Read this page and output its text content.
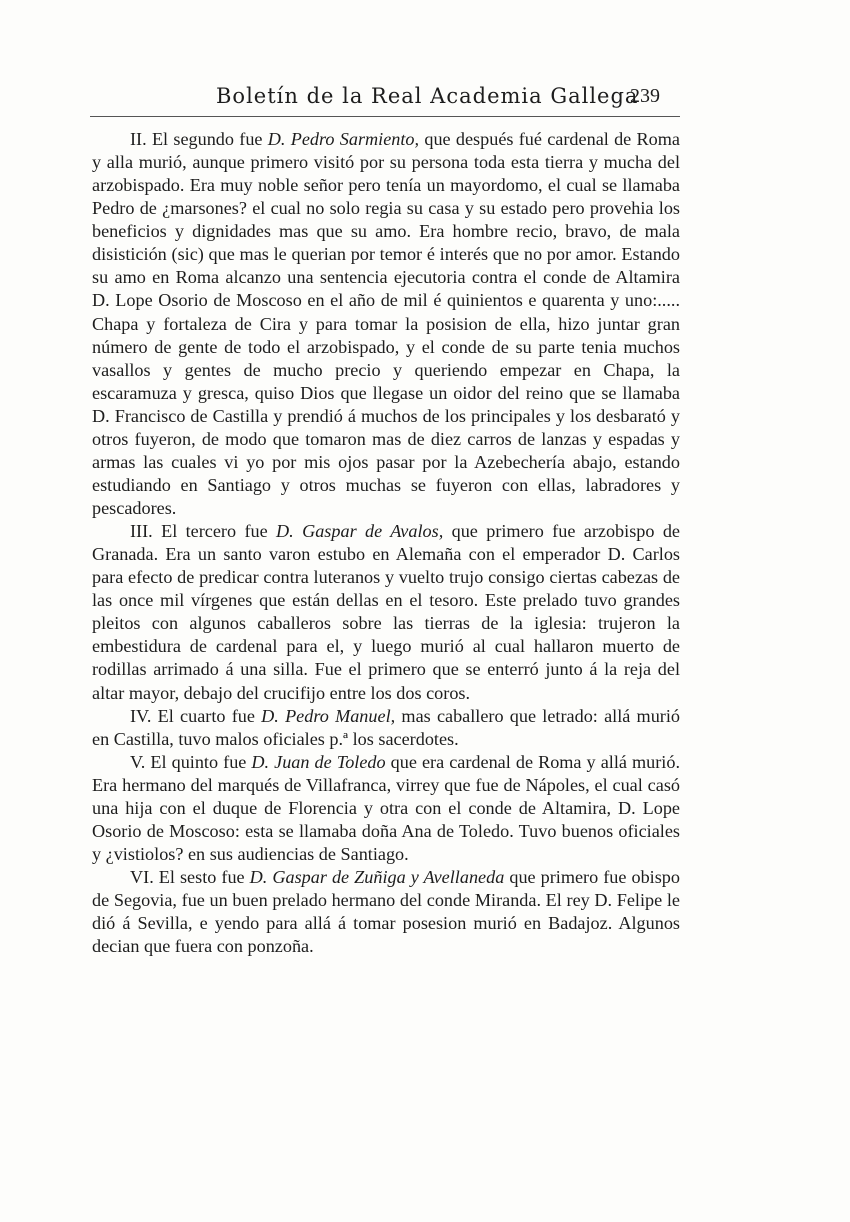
Boletín de la Real Academia Gallega
239

II. El segundo fue D. Pedro Sarmiento, que después fué cardenal de Roma y alla murió, aunque primero visitó por su persona toda esta tierra y mucha del arzobispado. Era muy noble señor pero tenía un mayordomo, el cual se llamaba Pedro de ¿marsones? el cual no solo regia su casa y su estado pero provehia los beneficios y dignidades mas que su amo. Era hombre recio, bravo, de mala disistición (sic) que mas le querian por temor é interés que no por amor. Estando su amo en Roma alcanzo una sentencia ejecutoria contra el conde de Altamira D. Lope Osorio de Moscoso en el año de mil é quinientos e quarenta y uno:..... Chapa y fortaleza de Cira y para tomar la posision de ella, hizo juntar gran número de gente de todo el arzobispado, y el conde de su parte tenia muchos vasallos y gentes de mucho precio y queriendo empezar en Chapa, la escaramuza y gresca, quiso Dios que llegase un oidor del reino que se llamaba D. Francisco de Castilla y prendió á muchos de los principales y los desbarató y otros fuyeron, de modo que tomaron mas de diez carros de lanzas y espadas y armas las cuales vi yo por mis ojos pasar por la Azebechería abajo, estando estudiando en Santiago y otros muchas se fuyeron con ellas, labradores y pescadores.

III. El tercero fue D. Gaspar de Avalos, que primero fue arzobispo de Granada. Era un santo varon estubo en Alemaña con el emperador D. Carlos para efecto de predicar contra luteranos y vuelto trujo consigo ciertas cabezas de las once mil vírgenes que están dellas en el tesoro. Este prelado tuvo grandes pleitos con algunos caballeros sobre las tierras de la iglesia: trujeron la embestidura de cardenal para el, y luego murió al cual hallaron muerto de rodillas arrimado á una silla. Fue el primero que se enterró junto á la reja del altar mayor, debajo del crucifijo entre los dos coros.

IV. El cuarto fue D. Pedro Manuel, mas caballero que letrado: allá murió en Castilla, tuvo malos oficiales p.ª los sacerdotes.

V. El quinto fue D. Juan de Toledo que era cardenal de Roma y allá murió. Era hermano del marqués de Villafranca, virrey que fue de Nápoles, el cual casó una hija con el duque de Florencia y otra con el conde de Altamira, D. Lope Osorio de Moscoso: esta se llamaba doña Ana de Toledo. Tuvo buenos oficiales y ¿vistiolos? en sus audiencias de Santiago.

VI. El sesto fue D. Gaspar de Zuñiga y Avellaneda que primero fue obispo de Segovia, fue un buen prelado hermano del conde Miranda. El rey D. Felipe le dió á Sevilla, e yendo para allá á tomar posesion murió en Badajoz. Algunos decian que fuera con ponzoña.
